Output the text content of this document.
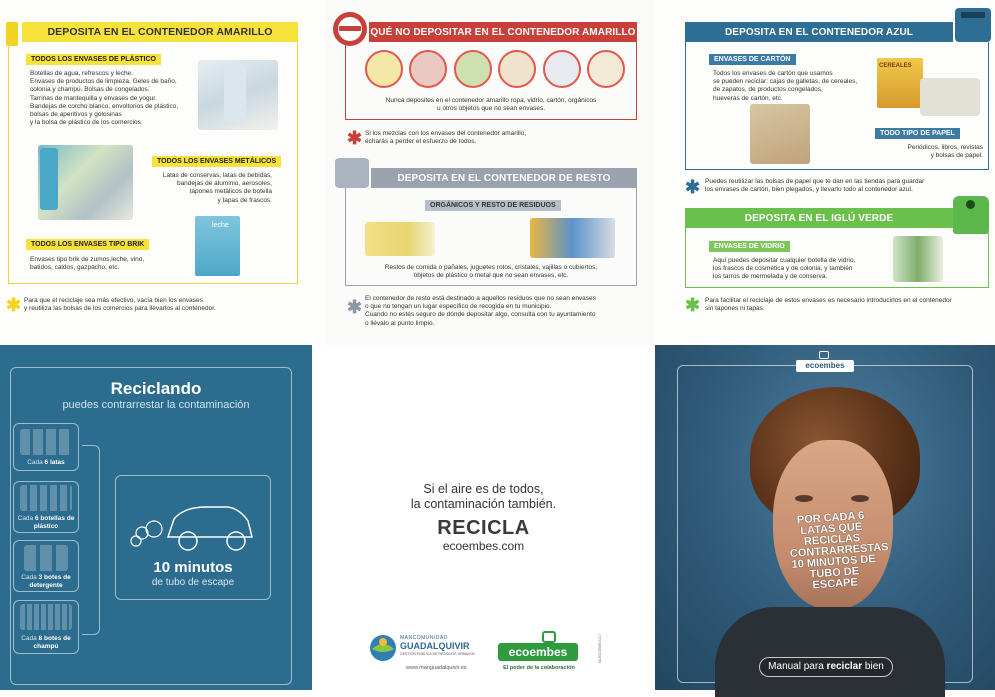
DEPOSITA EN EL CONTENEDOR AMARILLO
TODOS LOS ENVASES DE PLÁSTICO
Botellas de agua, refrescos y leche.
Envases de productos de limpieza. Geles de baño,
colonia y champú. Bolsas de congelados.
Tarrinas de mantequilla y envases de yogur.
Bandejas de corcho blanco, envoltorios de plástico,
bolsas de aperitivos y golosinas
y la bolsa de plástico de los comercios.
TODOS LOS ENVASES METÁLICOS
Latas de conservas, latas de bebidas,
bandejas de aluminio, aerosoles,
tapones metálicos de botella
y tapas de frascos.
leche
TODOS LOS ENVASES TIPO BRIK
Envases tipo brik de zumos,leche, vino,
batidos, caldos, gazpacho, etc.
✱ Para que el reciclaje sea más efectivo, vacía bien los envases
y reutiliza las bolsas de los comercios para llevarlos al contenedor.
QUÉ NO DEPOSITAR EN EL CONTENEDOR AMARILLO
Nunca deposites en el contenedor amarillo ropa, vidrio, cartón, orgánicos
u otros objetos que no sean envases.
✱ Si los mezclas con los envases del contenedor amarillo,
écharás a perder el esfuerzo de todos.
DEPOSITA EN EL CONTENEDOR DE RESTO
ORGÁNICOS Y RESTO DE RESIDUOS
Restos de comida o pañales, juguetes rotos, cristales, vajillas o cubiertos,
objetos de plástico o metal que no sean envases, etc.
✱ El contenedor de resto está destinado a aquellos residuos que no sean envases
o que no tengan un lugar específico de recogida en tu municipio.
Cuando no estés seguro de dónde depositar algo, consulta con tu ayuntamiento
o llévalo al punto limpio.
DEPOSITA EN EL CONTENEDOR AZUL
ENVASES DE CARTÓN
Todos los envases de cartón que usamos
se pueden reciclar: cajas de galletas, de cereales,
de zapatos, de productos congelados,
hueveras de cartón, etc.
CEREALES
TODO TIPO DE PAPEL
Periódicos, libros, revistas
y bolsas de papel.
✱ Puedes reutilizar las bolsas de papel que te dan en las tiendas para guardar
los envases de cartón, bien plegados, y llevarlo todo al contenedor azul.
DEPOSITA EN EL IGLÚ VERDE
ENVASES DE VIDRIO
Aquí puedes depositar cualquier botella de vidrio,
los frascos de cosmética y de colonia, y también
los tarros de mermelada y de conserva.
✱ Para facilitar el reciclaje de estos envases es necesario introducirlos en el contenedor
sin tapones ni tapas.
Reciclando
puedes contrarrestar la contaminación
Cada 6 latas
Cada 6 botellas de plástico
Cada 3 botes de detergente
Cada 8 botes de champú
10 minutos
de tubo de escape
Si el aire es de todos,
la contaminación también.
RECICLA
ecoembes.com
MANCOMUNIDAD
GUADALQUIVIR
GESTIÓN PÚBLICA DE RESIDUOS URBANOS
www.manguadalquivir.es
ecoembes
El poder de la colaboración
NL/ECOEMB/1217
ecoembes
POR CADA 6 LATAS QUE RECICLAS CONTRARRESTAS 10 MINUTOS DE TUBO DE ESCAPE
Manual para reciclar bien
